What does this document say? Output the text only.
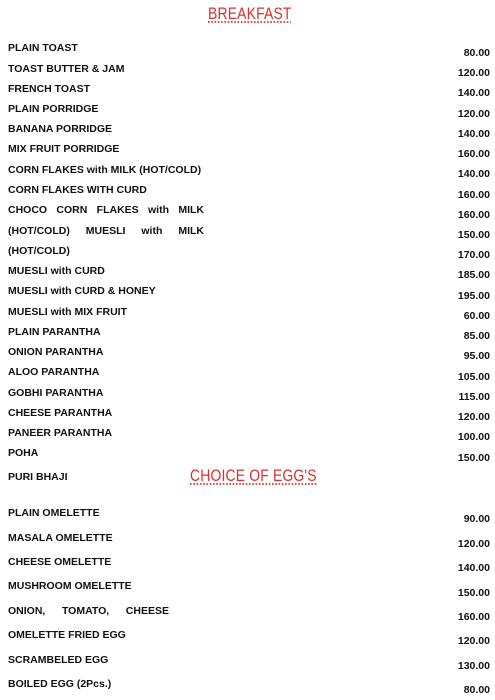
BREAKFAST
PLAIN TOAST
TOAST BUTTER & JAM
FRENCH TOAST
PLAIN PORRIDGE
BANANA PORRIDGE
MIX FRUIT PORRIDGE
CORN FLAKES with MILK (HOT/COLD)
CORN FLAKES WITH CURD
CHOCO CORN FLAKES with MILK
(HOT/COLD) MUESLI with MILK
(HOT/COLD)
MUESLI with CURD
MUESLI with CURD & HONEY
MUESLI with MIX FRUIT
PLAIN PARANTHA
ONION PARANTHA
ALOO PARANTHA
GOBHI PARANTHA
CHEESE PARANTHA
PANEER PARANTHA
POHA
PURI BHAJI
80.00
120.00
140.00
120.00
140.00
160.00
140.00
160.00
160.00
150.00
170.00
185.00
195.00
60.00
85.00
95.00
105.00
115.00
120.00
100.00
150.00
CHOICE OF EGG'S
PLAIN OMELETTE
MASALA OMELETTE
CHEESE OMELETTE
MUSHROOM OMELETTE
ONION, TOMATO, CHEESE
OMELETTE FRIED EGG
SCRAMBELED EGG
BOILED EGG (2Pcs.)
90.00
120.00
140.00
150.00
160.00
120.00
130.00
80.00
